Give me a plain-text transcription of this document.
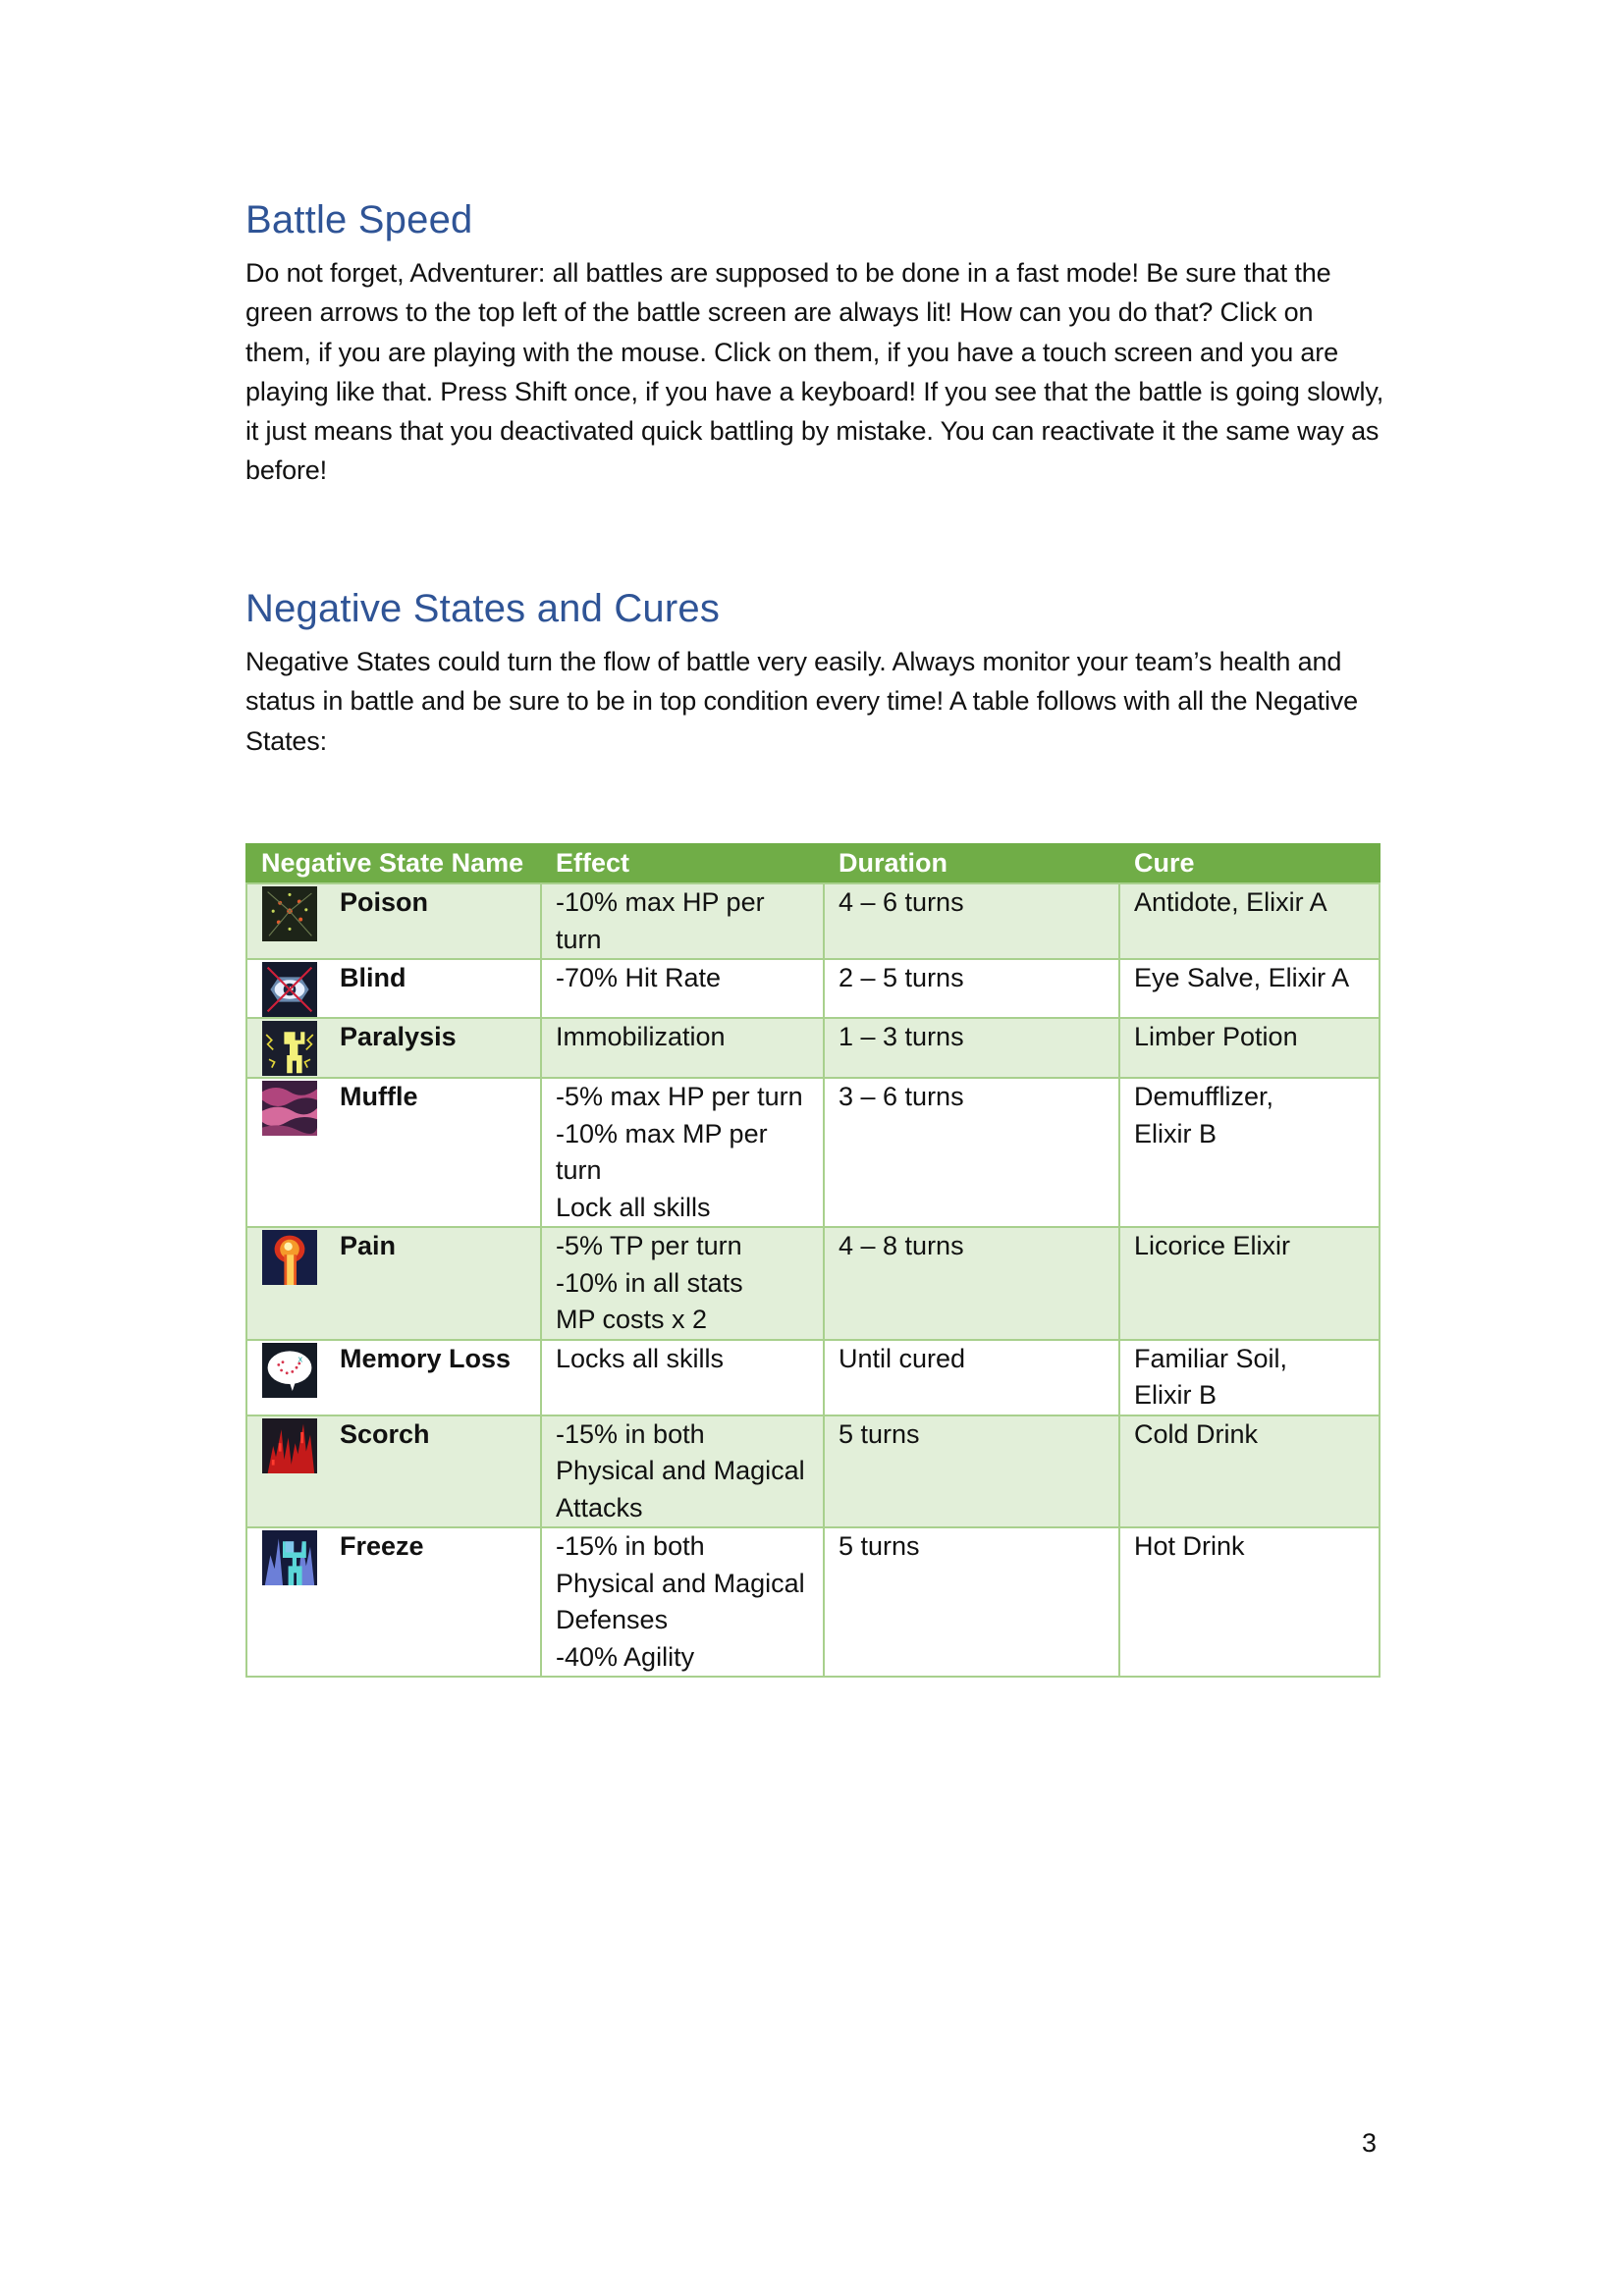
Battle Speed

Do not forget, Adventurer: all battles are supposed to be done in a fast mode! Be sure that the green arrows to the top left of the battle screen are always lit! How can you do that? Click on them, if you are playing with the mouse. Click on them, if you have a touch screen and you are playing like that. Press Shift once, if you have a keyboard! If you see that the battle is going slowly, it just means that you deactivated quick battling by mistake. You can reactivate it the same way as before!

Negative States and Cures

Negative States could turn the flow of battle very easily. Always monitor your team’s health and status in battle and be sure to be in top condition every time! A table follows with all the Negative States:

Negative State Name	Effect	Duration	Cure

Poison	-10% max HP per
turn	4 – 6 turns	Antidote, Elixir A

Blind	-70% Hit Rate	2 – 5 turns	Eye Salve, Elixir A

Paralysis	Immobilization	1 – 3 turns	Limber Potion

Muffle	-5% max HP per turn
-10% max MP per
turn
Lock all skills	3 – 6 turns	Demufflizer,
Elixir B

Pain	-5% TP per turn
-10% in all stats
MP costs x 2	4 – 8 turns	Licorice Elixir

x Memory Loss	Locks all skills	Until cured	Familiar Soil,
Elixir B

Scorch	-15% in both
Physical and Magical
Attacks	5 turns	Cold Drink

Freeze	-15% in both
Physical and Magical
Defenses
-40% Agility	5 turns	Hot Drink
3
